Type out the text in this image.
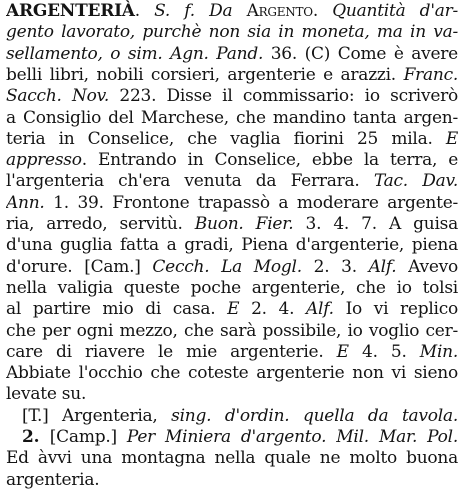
ARGENTERIÀ. S. f. Da Argento. Quantità d'ar-
gento lavorato, purchè non sia in moneta, ma in va-
sellamento, o sim. Agn. Pand. 36. (C) Come è avere
belli libri, nobili corsieri, argenterie e arazzi. Franc.
Sacch. Nov. 223. Disse il commissario: io scriverò
a Consiglio del Marchese, che mandino tanta argen-
teria in Conselice, che vaglia fiorini 25 mila. E
appresso. Entrando in Conselice, ebbe la terra, e
l'argenteria ch'era venuta da Ferrara. Tac. Dav.
Ann. 1. 39. Frontone trapassò a moderare argente-
ria, arredo, servitù. Buon. Fier. 3. 4. 7. A guisa
d'una guglia fatta a gradi, Piena d'argenterie, piena
d'orure. [Cam.] Cecch. La Mogl. 2. 3. Alf. Avevo
nella valigia queste poche argenterie, che io tolsi
al partire mio di casa. E 2. 4. Alf. Io vi replico
che per ogni mezzo, che sarà possibile, io voglio cer-
care di riavere le mie argenterie. E 4. 5. Min.
Abbiate l'occhio che coteste argenterie non vi sieno
levate su.
[T.] Argenteria, sing. d'ordin. quella da tavola.
2. [Camp.] Per Miniera d'argento. Mil. Mar. Pol.
Ed àvvi una montagna nella quale ne molto buona
argenteria.
